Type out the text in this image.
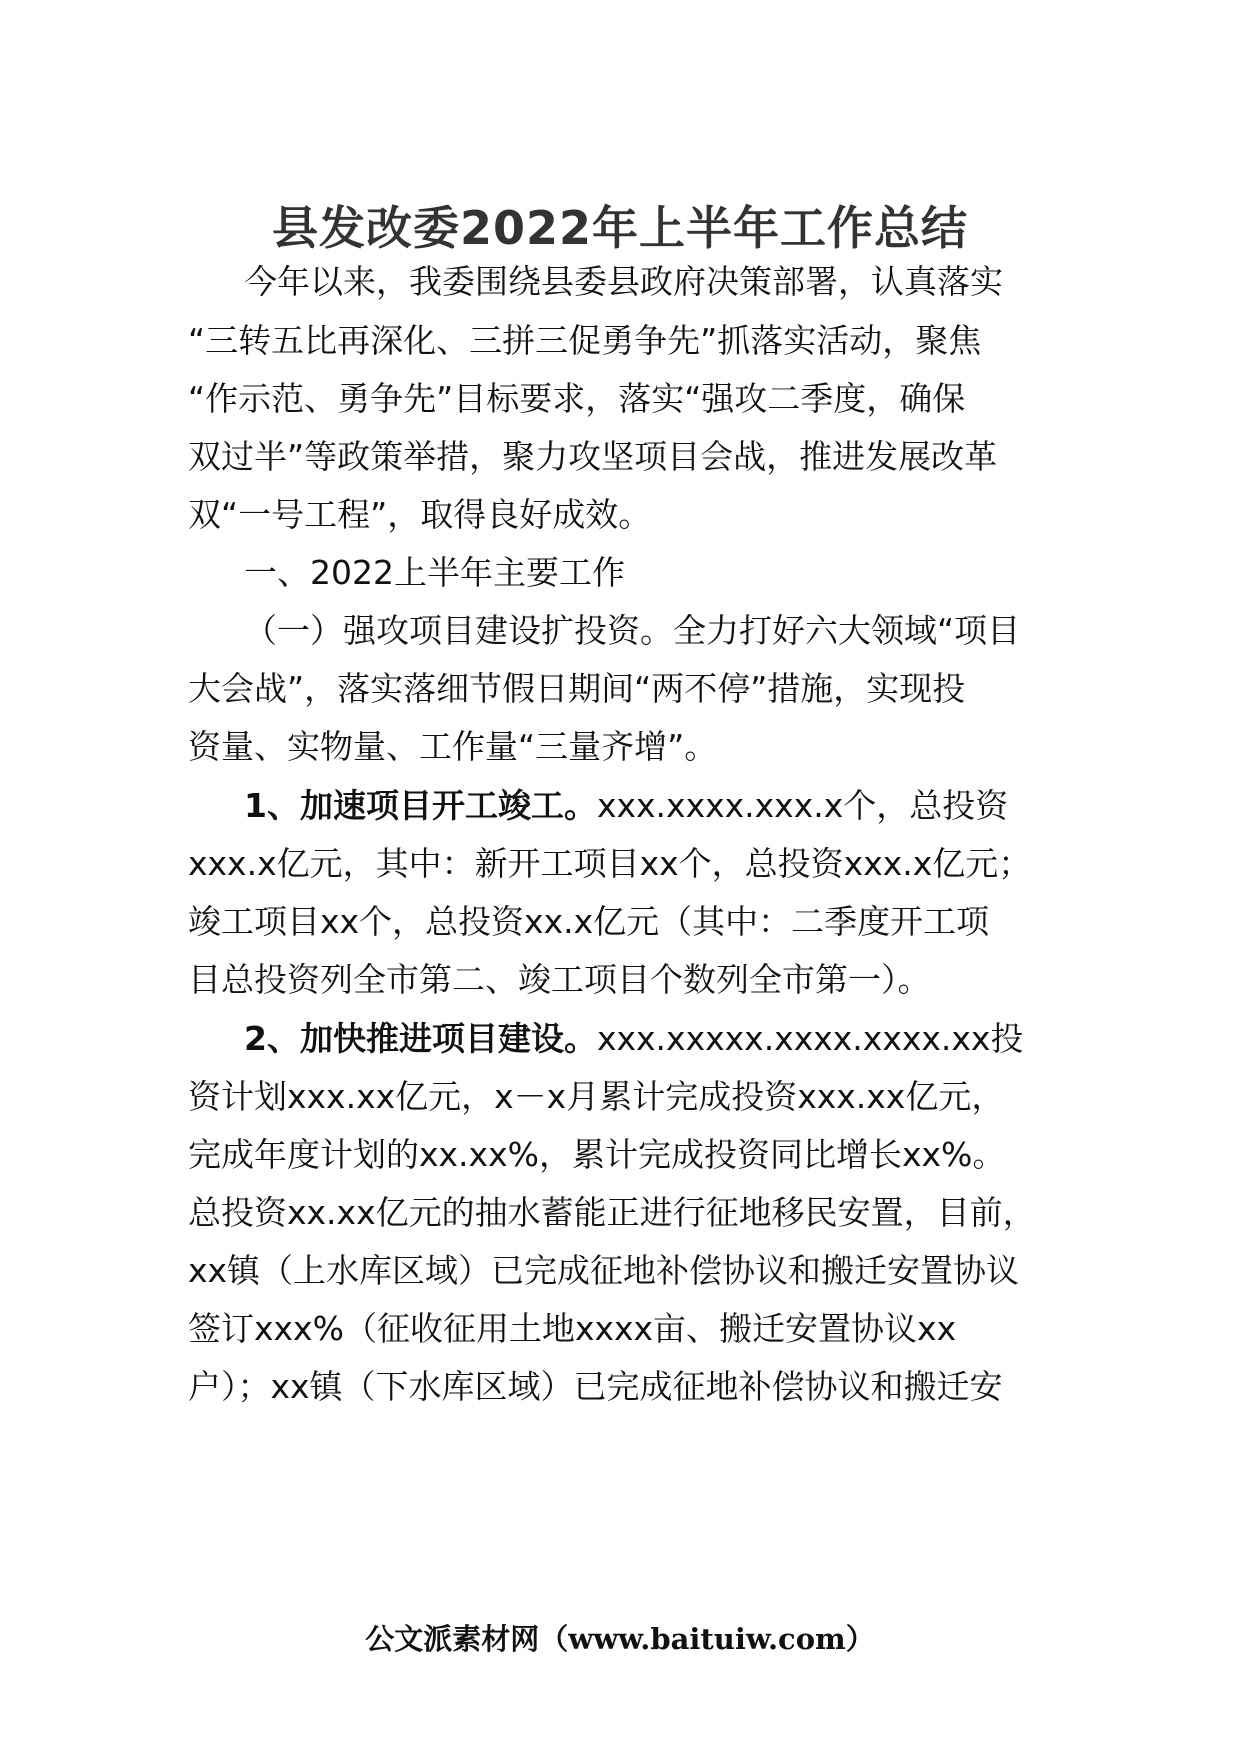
县发改委2022年上半年工作总结
今年以来，我委围绕县委县政府决策部署，认真落实
“三转五比再深化、三拼三促勇争先”抓落实活动，聚焦
“作示范、勇争先”目标要求，落实“强攻二季度，确保
双过半”等政策举措，聚力攻坚项目会战，推进发展改革
双“一号工程”，取得良好成效。
一、2022上半年主要工作
（一）强攻项目建设扩投资。全力打好六大领域“项目
大会战”，落实落细节假日期间“两不停”措施，实现投
资量、实物量、工作量“三量齐增”。
1、加速项目开工竣工。xxx.xxxx.xxx.x个，总投资
xxx.x亿元，其中：新开工项目xx个，总投资xxx.x亿元；
竣工项目xx个，总投资xx.x亿元（其中：二季度开工项
目总投资列全市第二、竣工项目个数列全市第一）。
2、加快推进项目建设。xxx.xxxxx.xxxx.xxxx.xx投
资计划xxx.xx亿元，x－x月累计完成投资xxx.xx亿元，
完成年度计划的xx.xx%，累计完成投资同比增长xx%。
总投资xx.xx亿元的抽水蓄能正进行征地移民安置，目前，
xx镇（上水库区域）已完成征地补偿协议和搬迁安置协议
签订xxx%（征收征用土地xxxx亩、搬迁安置协议xx
户）；xx镇（下水库区域）已完成征地补偿协议和搬迁安
公文派素材网（www.baituiw.com）
